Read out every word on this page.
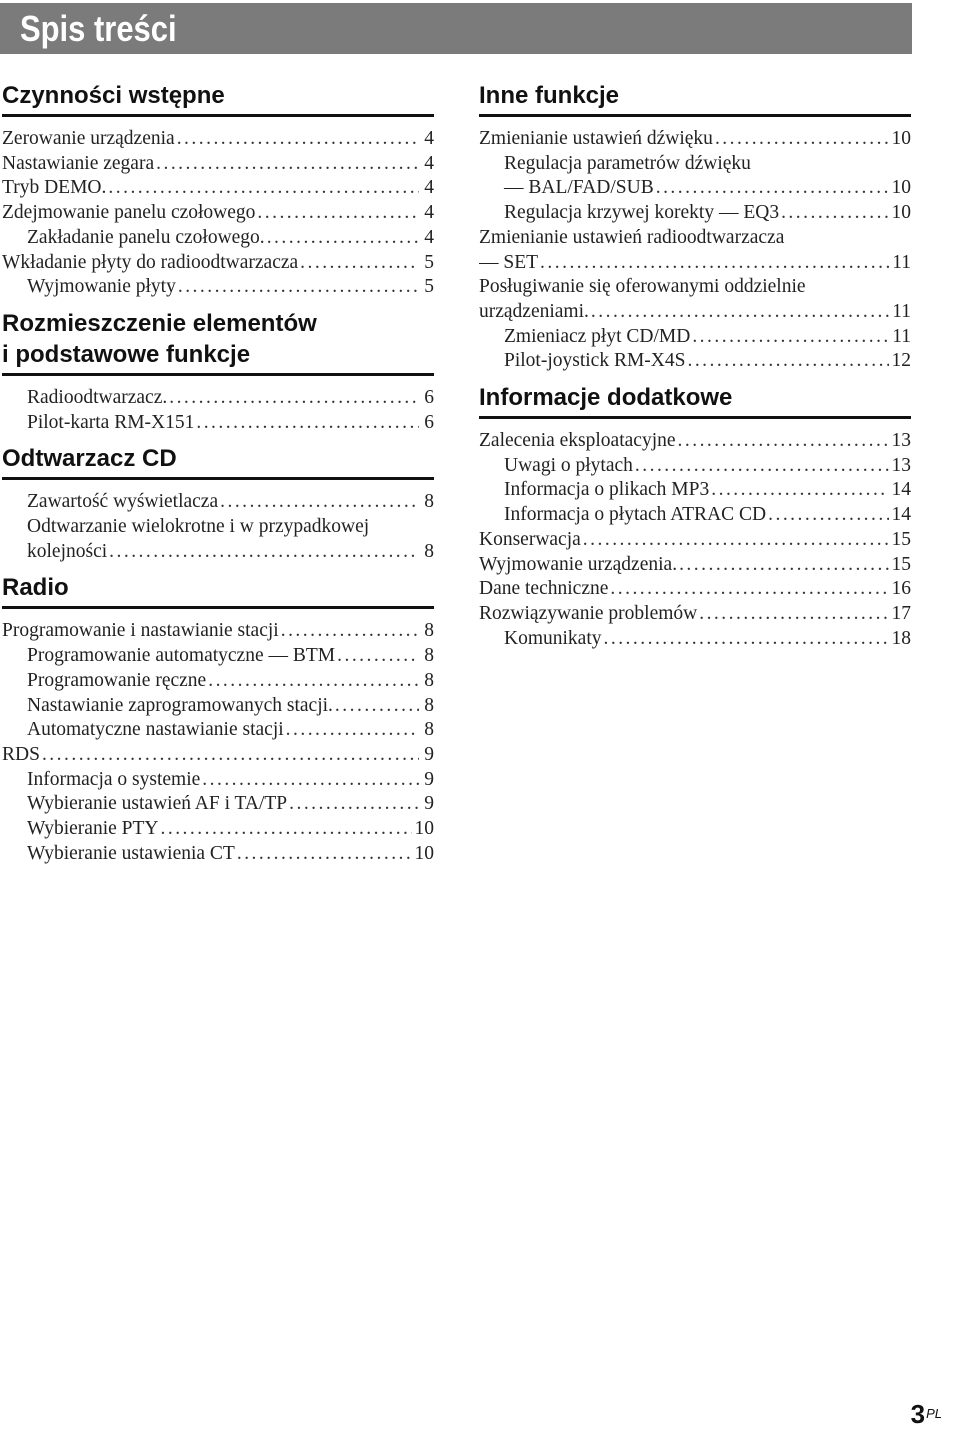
Spis treści
Czynności wstępne
Zerowanie urządzenia . . .	4
Nastawianie zegara . . .	4
Tryb DEMO. . . .	4
Zdejmowanie panelu czołowego . . .	4
Zakładanie panelu czołowego. . . .	4
Wkładanie płyty do radioodtwarzacza . . .	5
Wyjmowanie płyty . . .	5
Rozmieszczenie elementów
i podstawowe funkcje
Radioodtwarzacz. . . .	6
Pilot-karta RM-X151 . . .	6
Odtwarzacz CD
Zawartość wyświetlacza . . .	8
Odtwarzanie wielokrotne i w przypadkowej
kolejności . . .	8
Radio
Programowanie i nastawianie stacji . . .	8
Programowanie automatyczne — BTM . . .	8
Programowanie ręczne . . .	8
Nastawianie zaprogramowanych stacji. . . .	8
Automatyczne nastawianie stacji . . .	8
RDS . . .	9
Informacja o systemie . . .	9
Wybieranie ustawień AF i TA/TP . . .	9
Wybieranie PTY . . .	10
Wybieranie ustawienia CT . . .	10
Inne funkcje
Zmienianie ustawień dźwięku . . .	10
Regulacja parametrów dźwięku
— BAL/FAD/SUB . . .	10
Regulacja krzywej korekty — EQ3 . . .	10
Zmienianie ustawień radioodtwarzacza
— SET . . .	11
Posługiwanie się oferowanymi oddzielnie
urządzeniami. . . .	11
Zmieniacz płyt CD/MD . . .	11
Pilot-joystick RM-X4S . . .	12
Informacje dodatkowe
Zalecenia eksploatacyjne . . .	13
Uwagi o płytach . . .	13
Informacja o plikach MP3 . . .	14
Informacja o płytach ATRAC CD . . .	14
Konserwacja . . .	15
Wyjmowanie urządzenia. . . .	15
Dane techniczne . . .	16
Rozwiązywanie problemów . . .	17
Komunikaty . . .	18
$3^{PL}$
